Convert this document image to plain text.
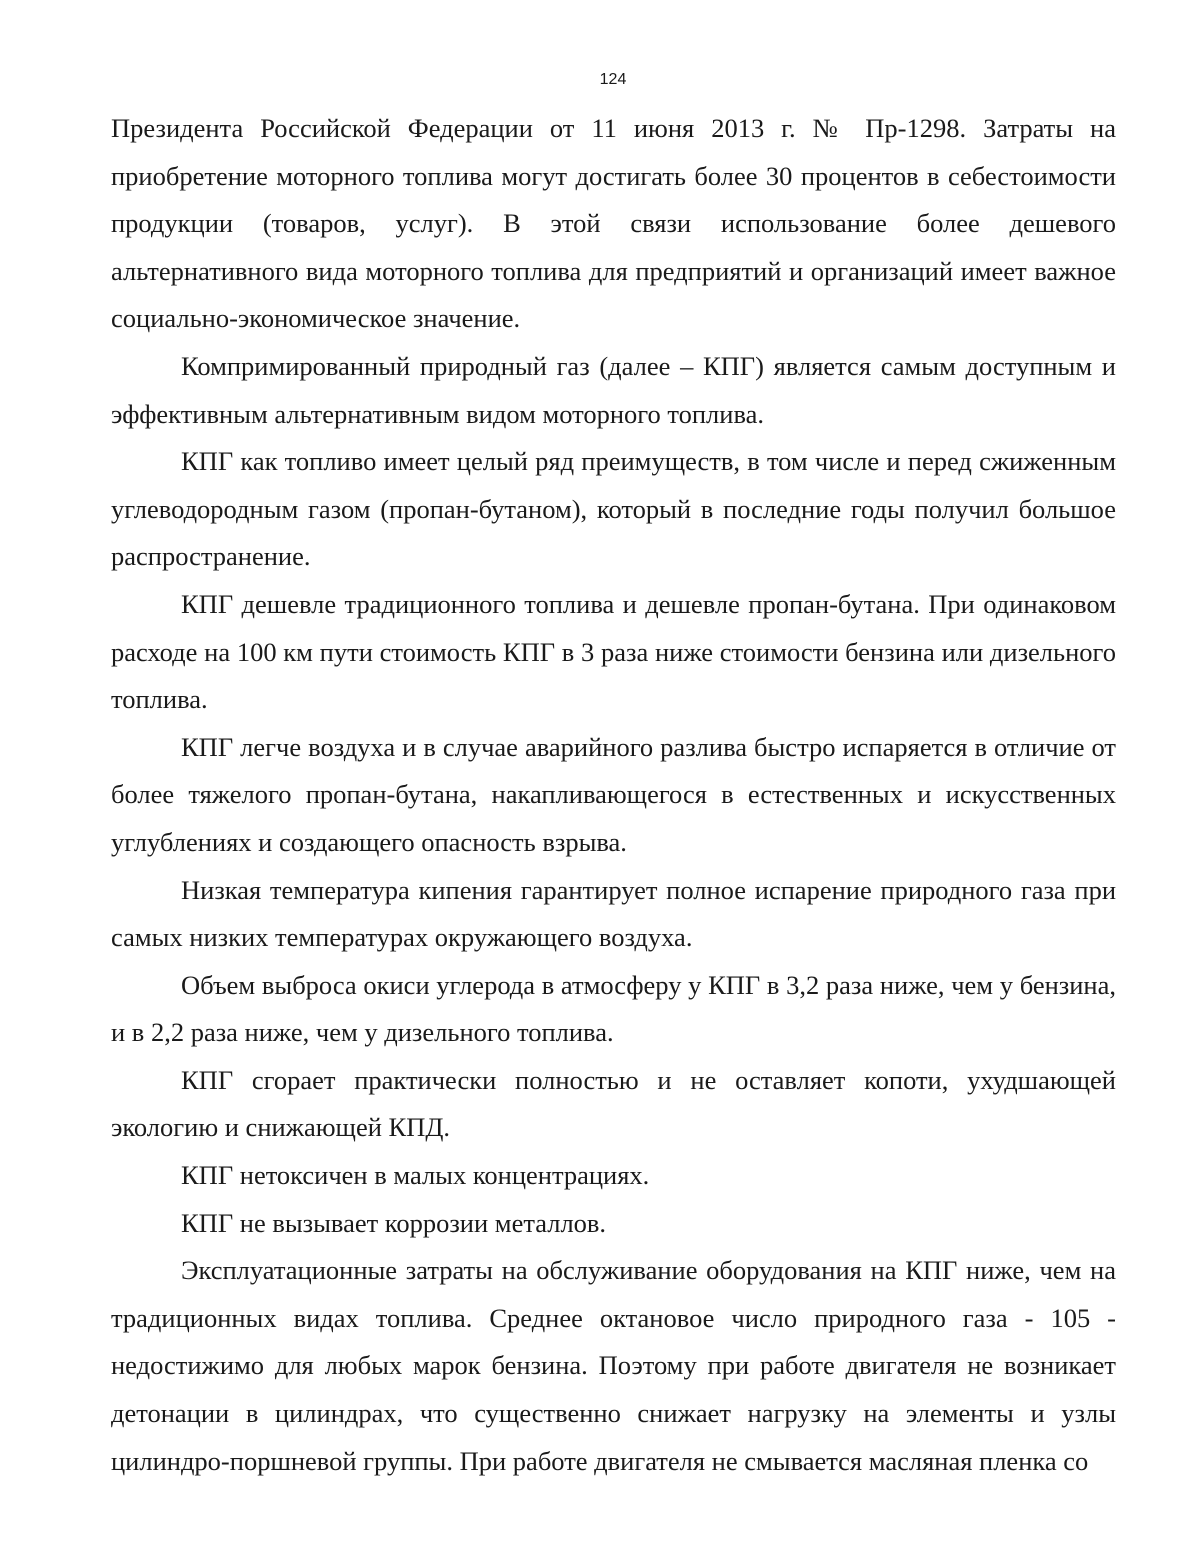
124

Президента Российской Федерации от 11 июня 2013 г. № Пр-1298. Затраты на приобретение моторного топлива могут достигать более 30 процентов в себестоимости продукции (товаров, услуг). В этой связи использование более дешевого альтернативного вида моторного топлива для предприятий и организаций имеет важное социально-экономическое значение.

Компримированный природный газ (далее – КПГ) является самым доступным и эффективным альтернативным видом моторного топлива.

КПГ как топливо имеет целый ряд преимуществ, в том числе и перед сжиженным углеводородным газом (пропан-бутаном), который в последние годы получил большое распространение.

КПГ дешевле традиционного топлива и дешевле пропан-бутана. При одинаковом расходе на 100 км пути стоимость КПГ в 3 раза ниже стоимости бензина или дизельного топлива.

КПГ легче воздуха и в случае аварийного разлива быстро испаряется в отличие от более тяжелого пропан-бутана, накапливающегося в естественных и искусственных углублениях и создающего опасность взрыва.

Низкая температура кипения гарантирует полное испарение природного газа при самых низких температурах окружающего воздуха.

Объем выброса окиси углерода в атмосферу у КПГ в 3,2 раза ниже, чем у бензина, и в 2,2 раза ниже, чем у дизельного топлива.

КПГ сгорает практически полностью и не оставляет копоти, ухудшающей экологию и снижающей КПД.

КПГ нетоксичен в малых концентрациях.

КПГ не вызывает коррозии металлов.

Эксплуатационные затраты на обслуживание оборудования на КПГ ниже, чем на традиционных видах топлива. Среднее октановое число природного газа - 105 - недостижимо для любых марок бензина. Поэтому при работе двигателя не возникает детонации в цилиндрах, что существенно снижает нагрузку на элементы и узлы цилиндро-поршневой группы. При работе двигателя не смывается масляная пленка со
